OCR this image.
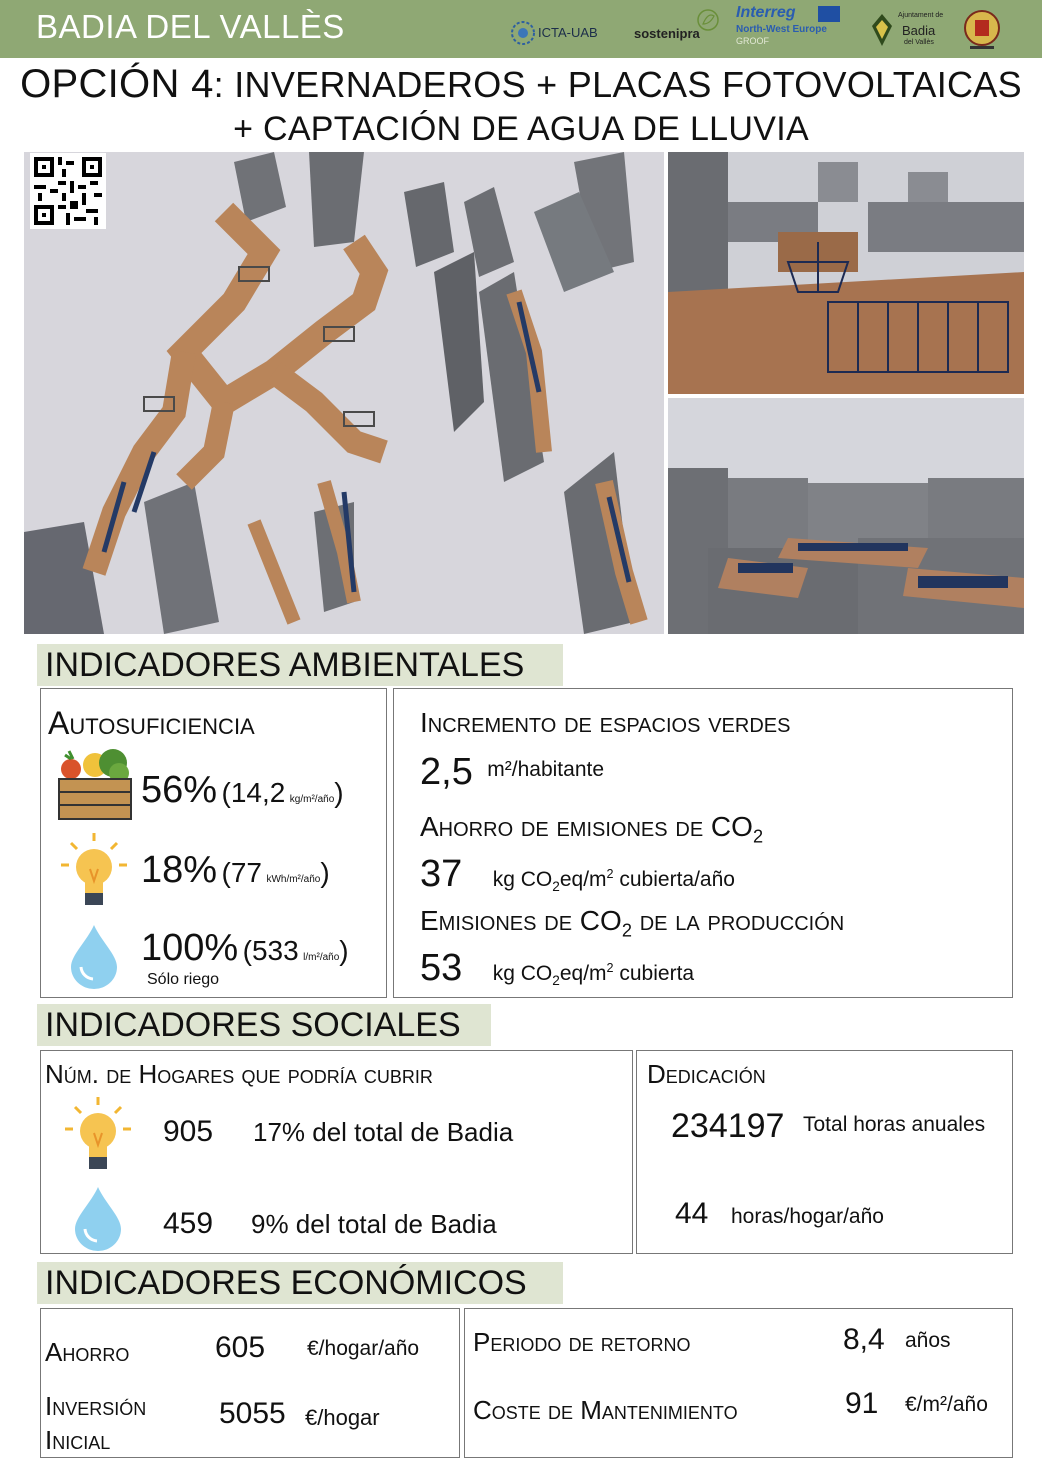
BADIA DEL VALLÈS	ICTA-UAB	sostenipra
Interreg
North-West Europe
GROOF
Ajuntament de
Badia
del Vallès
OPCIÓN 4: INVERNADEROS + PLACAS FOTOVOLTAICAS
+ CAPTACIÓN DE AGUA DE LLUVIA
INDICADORES AMBIENTALES
Autosuficiencia
56% (14,2 kg/m²/año)
18% (77 kWh/m²/año)
100% (533 l/m²/año)
Sólo riego
Incremento de espacios verdes
2,5 m²/habitante
Ahorro de emisiones de $CO_2$
37 kg $CO_2eq/m^2$ cubierta/año
Emisiones de $CO_2$ de la producción
53 kg $CO_2eq/m^2$ cubierta
INDICADORES SOCIALES
Núm. de Hogares que podría cubrir
905 17% del total de Badia
459 9% del total de Badia
Dedicación
234197 Total horas anuales
44 horas/hogar/año
INDICADORES ECONÓMICOS
Ahorro	605 €/hogar/año
Inversión
Inicial
5055 €/hogar
Periodo de retorno	8,4 años
Coste de Mantenimiento	91 €/m²/año
